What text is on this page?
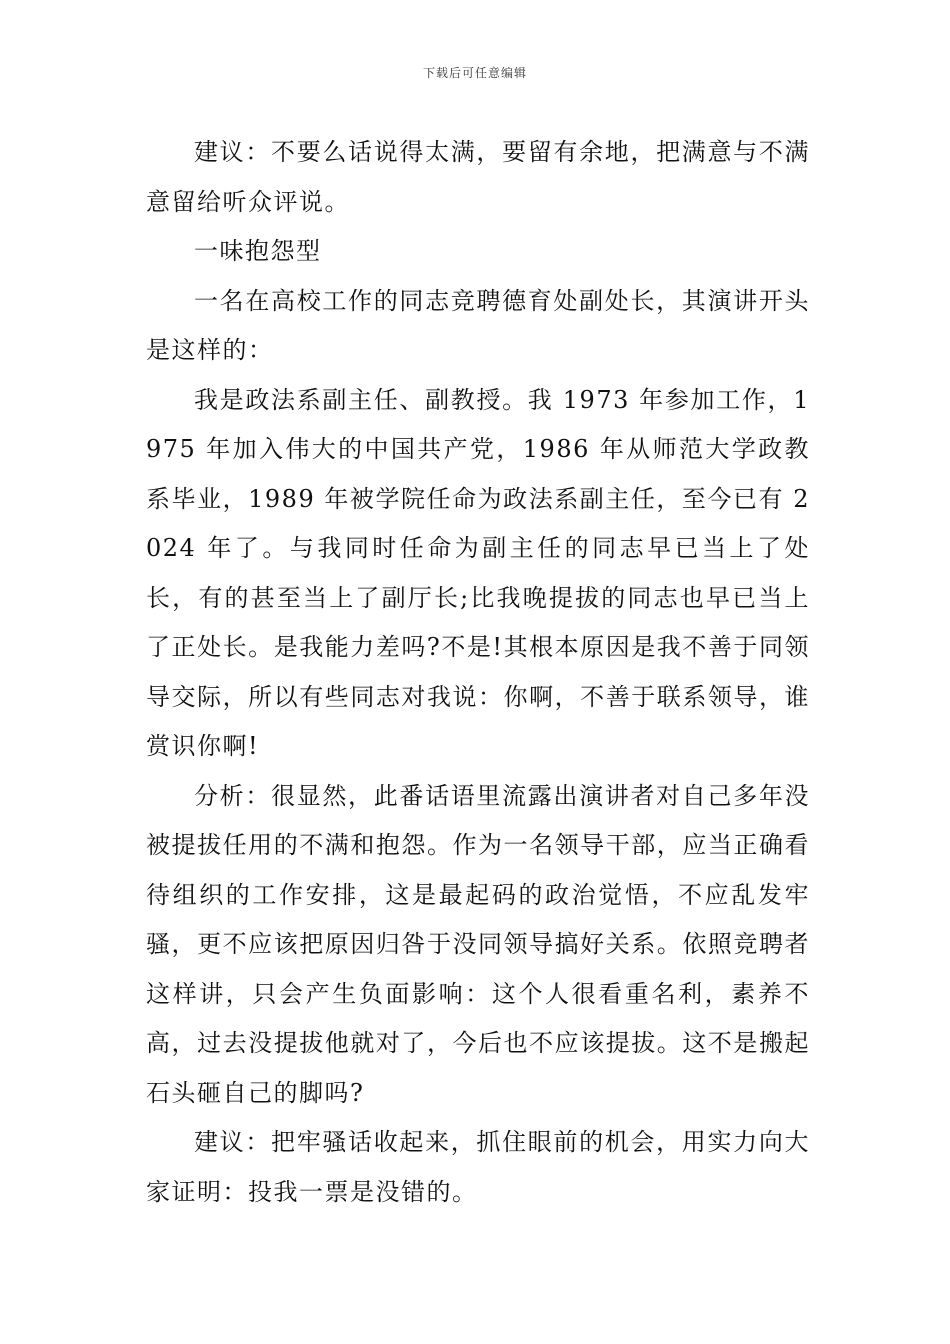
下载后可任意编辑

建议：不要么话说得太满，要留有余地，把满意与不满意留给听众评说。

一味抱怨型

一名在高校工作的同志竞聘德育处副处长，其演讲开头是这样的：

我是政法系副主任、副教授。我 1973 年参加工作，1975 年加入伟大的中国共产党，1986 年从师范大学政教系毕业，1989 年被学院任命为政法系副主任，至今已有 2024 年了。与我同时任命为副主任的同志早已当上了处长，有的甚至当上了副厅长;比我晚提拔的同志也早已当上了正处长。是我能力差吗?不是!其根本原因是我不善于同领导交际，所以有些同志对我说：你啊，不善于联系领导，谁赏识你啊!

分析：很显然，此番话语里流露出演讲者对自己多年没被提拔任用的不满和抱怨。作为一名领导干部，应当正确看待组织的工作安排，这是最起码的政治觉悟，不应乱发牢骚，更不应该把原因归咎于没同领导搞好关系。依照竞聘者这样讲，只会产生负面影响：这个人很看重名利，素养不高，过去没提拔他就对了，今后也不应该提拔。这不是搬起石头砸自己的脚吗?

建议：把牢骚话收起来，抓住眼前的机会，用实力向大家证明：投我一票是没错的。
